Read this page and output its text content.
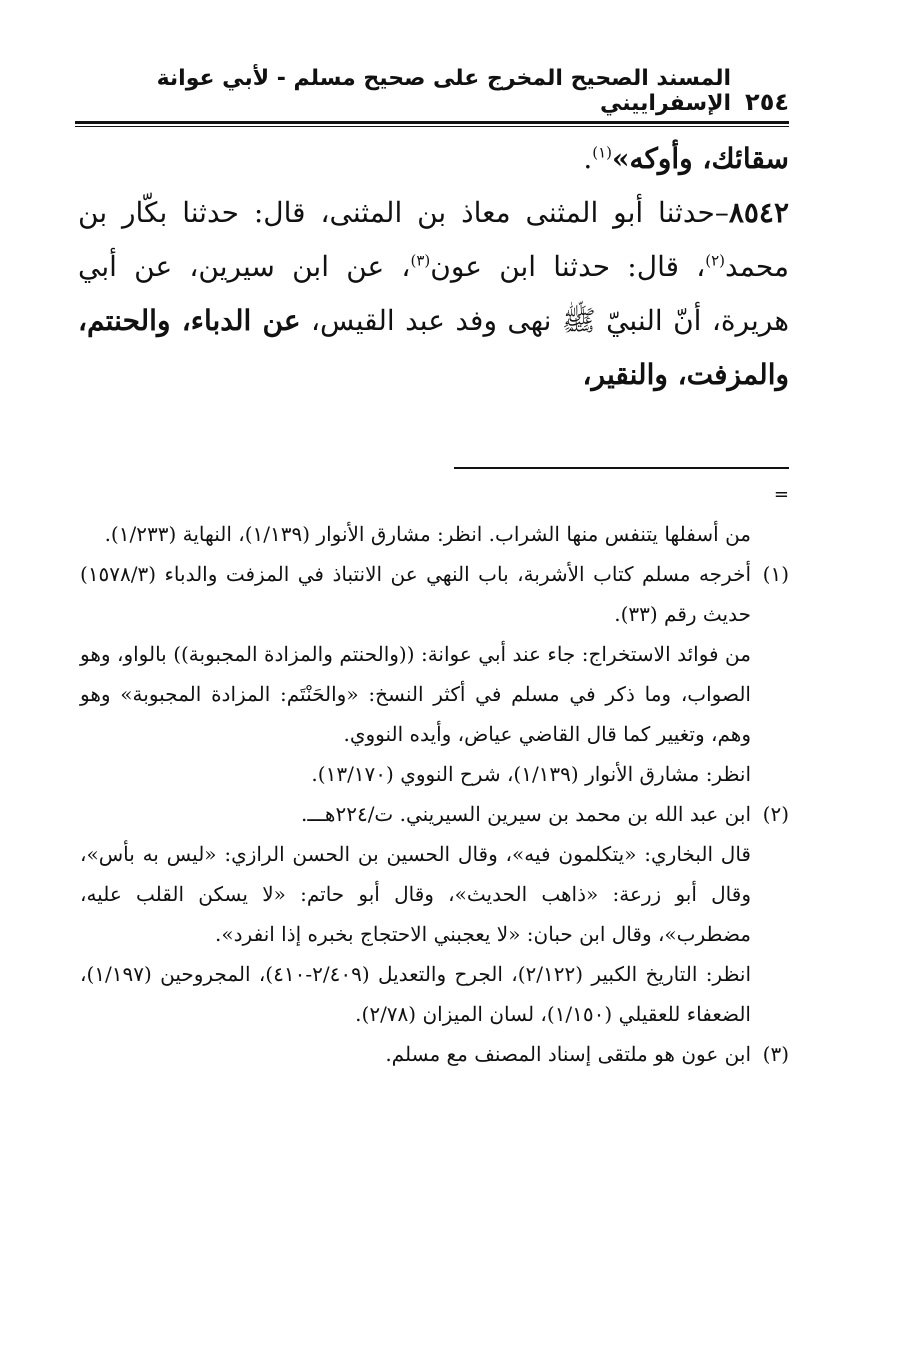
٢٥٤
المسند الصحيح المخرج على صحيح مسلم - لأبي عوانة الإسفراييني

سقائك، وأوكه»$^{(١)}$.

٨٥٤٢–حدثنا أبو المثنى معاذ بن المثنى، قال: حدثنا بكّار بن محمد$^{(٢)}$، قال: حدثنا ابن عون$^{(٣)}$، عن ابن سيرين، عن أبي هريرة، أنّ النبيّ ﷺ نهى وفد عبد القيس، عن الدباء، والحنتم، والمزفت، والنقير،

=

من أسفلها يتنفس منها الشراب. انظر: مشارق الأنوار (١/١٣٩)، النهاية (١/٢٣٣).

(١)
أخرجه مسلم كتاب الأشربة، باب النهي عن الانتباذ في المزفت والدباء (١٥٧٨/٣) حديث رقم (٣٣).

من فوائد الاستخراج: جاء عند أبي عوانة: ((والحنتم والمزادة المجبوبة)) بالواو، وهو الصواب، وما ذكر في مسلم في أكثر النسخ: «والحَنْتَم: المزادة المجبوبة» وهو وهم، وتغيير كما قال القاضي عياض، وأيده النووي.

انظر: مشارق الأنوار (١/١٣٩)، شرح النووي (١٣/١٧٠).

(٢)
ابن عبد الله بن محمد بن سيرين السيريني. ت/٢٢٤هـــ.

قال البخاري: «يتكلمون فيه»، وقال الحسين بن الحسن الرازي: «ليس به بأس»، وقال أبو زرعة: «ذاهب الحديث»، وقال أبو حاتم: «لا يسكن القلب عليه، مضطرب»، وقال ابن حبان: «لا يعجبني الاحتجاج بخبره إذا انفرد».

انظر: التاريخ الكبير (٢/١٢٢)، الجرح والتعديل (٢/٤٠٩-٤١٠)، المجروحين (١/١٩٧)، الضعفاء للعقيلي (١/١٥٠)، لسان الميزان (٢/٧٨).

(٣)
ابن عون هو ملتقى إسناد المصنف مع مسلم.
